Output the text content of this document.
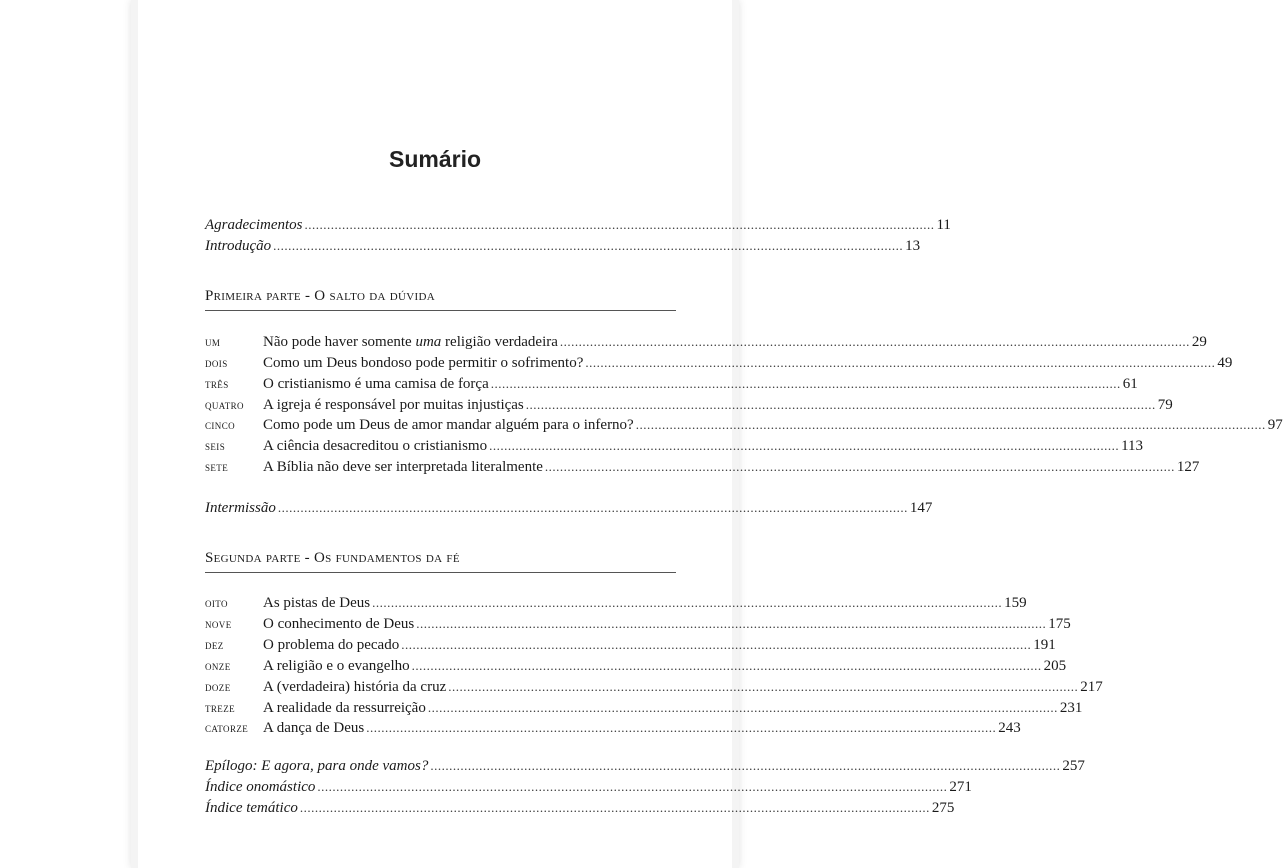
Sumário
Agradecimentos ........................................................................................................................................................................ 11
Introdução ........................................................................................................................................................................ 13
Primeira parte - O salto da dúvida
um	Não pode haver somente uma religião verdadeira ........................................................................................................................................................................ 29
dois	Como um Deus bondoso pode permitir o sofrimento? ........................................................................................................................................................................ 49
três	O cristianismo é uma camisa de força ........................................................................................................................................................................ 61
quatro	A igreja é responsável por muitas injustiças ........................................................................................................................................................................ 79
cinco	Como pode um Deus de amor mandar alguém para o inferno? ........................................................................................................................................................................ 97
seis	A ciência desacreditou o cristianismo ........................................................................................................................................................................ 113
sete	A Bíblia não deve ser interpretada literalmente ........................................................................................................................................................................ 127
Intermissão ........................................................................................................................................................................ 147
Segunda parte - Os fundamentos da fé
oito	As pistas de Deus ........................................................................................................................................................................ 159
nove	O conhecimento de Deus ........................................................................................................................................................................ 175
dez	O problema do pecado ........................................................................................................................................................................ 191
onze	A religião e o evangelho ........................................................................................................................................................................ 205
doze	A (verdadeira) história da cruz ........................................................................................................................................................................ 217
treze	A realidade da ressurreição ........................................................................................................................................................................ 231
catorze A dança de Deus ........................................................................................................................................................................ 243
Epílogo: E agora, para onde vamos? ........................................................................................................................................................................ 257
Índice onomástico ........................................................................................................................................................................ 271
Índice temático ........................................................................................................................................................................ 275
